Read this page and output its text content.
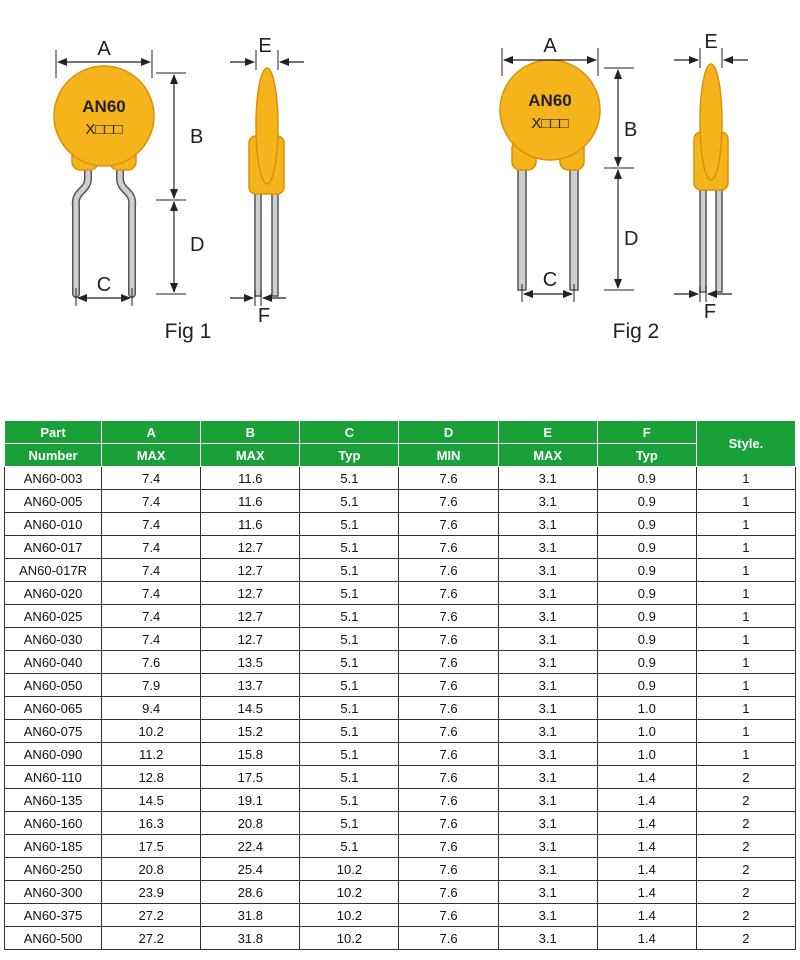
AN60
X□□□
A
B
D
C
E
F
Fig 1
AN60
X□□□
A
B
D
C
E
F
Fig 2
Part	A	B	C	D	E	F	Style.
Number	MAX	MAX	Typ	MIN	MAX	Typ	
AN60-003	7.4	11.6	5.1	7.6	3.1	0.9	1
AN60-005	7.4	11.6	5.1	7.6	3.1	0.9	1
AN60-010	7.4	11.6	5.1	7.6	3.1	0.9	1
AN60-017	7.4	12.7	5.1	7.6	3.1	0.9	1
AN60-017R	7.4	12.7	5.1	7.6	3.1	0.9	1
AN60-020	7.4	12.7	5.1	7.6	3.1	0.9	1
AN60-025	7.4	12.7	5.1	7.6	3.1	0.9	1
AN60-030	7.4	12.7	5.1	7.6	3.1	0.9	1
AN60-040	7.6	13.5	5.1	7.6	3.1	0.9	1
AN60-050	7.9	13.7	5.1	7.6	3.1	0.9	1
AN60-065	9.4	14.5	5.1	7.6	3.1	1.0	1
AN60-075	10.2	15.2	5.1	7.6	3.1	1.0	1
AN60-090	11.2	15.8	5.1	7.6	3.1	1.0	1
AN60-110	12.8	17.5	5.1	7.6	3.1	1.4	2
AN60-135	14.5	19.1	5.1	7.6	3.1	1.4	2
AN60-160	16.3	20.8	5.1	7.6	3.1	1.4	2
AN60-185	17.5	22.4	5.1	7.6	3.1	1.4	2
AN60-250	20.8	25.4	10.2	7.6	3.1	1.4	2
AN60-300	23.9	28.6	10.2	7.6	3.1	1.4	2
AN60-375	27.2	31.8	10.2	7.6	3.1	1.4	2
AN60-500	27.2	31.8	10.2	7.6	3.1	1.4	2
